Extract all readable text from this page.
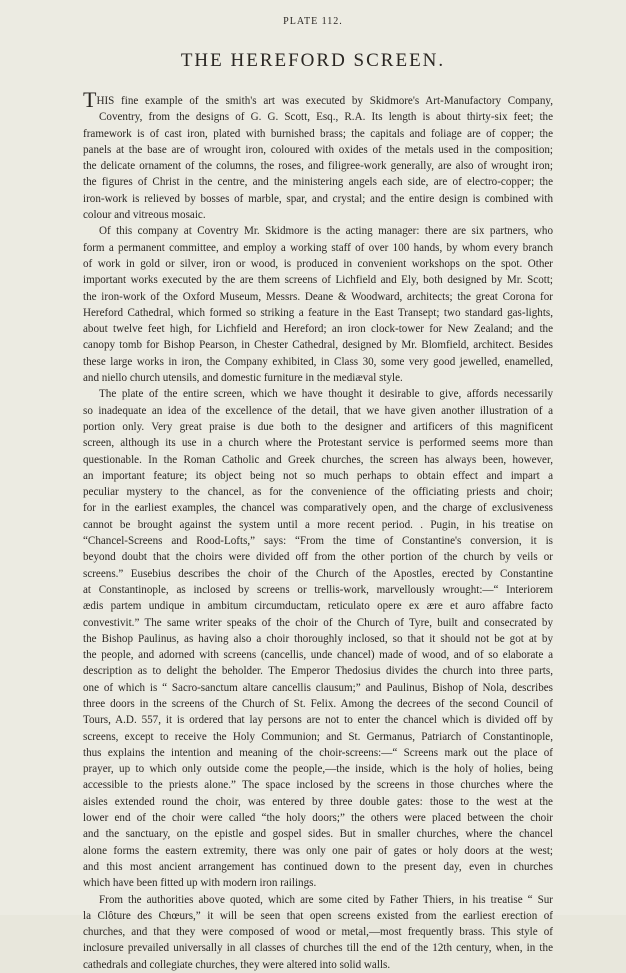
PLATE 112.
THE HEREFORD SCREEN.
THIS fine example of the smith's art was executed by Skidmore's Art-Manufactory Company,
Coventry, from the designs of G. G. Scott, Esq., R.A. Its length is about thirty-six feet; the
framework is of cast iron, plated with burnished brass; the capitals and foliage are of copper; the
panels at the base are of wrought iron, coloured with oxides of the metals used in the composition;
the delicate ornament of the columns, the roses, and filigree-work generally, are also of wrought iron;
the figures of Christ in the centre, and the ministering angels each side, are of electro-copper; the
iron-work is relieved by bosses of marble, spar, and crystal; and the entire design is combined with
colour and vitreous mosaic.
Of this company at Coventry Mr. Skidmore is the acting manager: there are six partners, who
form a permanent committee, and employ a working staff of over 100 hands, by whom every branch
of work in gold or silver, iron or wood, is produced in convenient workshops on the spot. Other
important works executed by the are them screens of Lichfield and Ely, both designed by Mr. Scott;
the iron-work of the Oxford Museum, Messrs. Deane & Woodward, architects; the great Corona for
Hereford Cathedral, which formed so striking a feature in the East Transept; two standard gas-lights,
about twelve feet high, for Lichfield and Hereford; an iron clock-tower for New Zealand; and the
canopy tomb for Bishop Pearson, in Chester Cathedral, designed by Mr. Blomfield, architect. Besides
these large works in iron, the Company exhibited, in Class 30, some very good jewelled, enamelled,
and niello church utensils, and domestic furniture in the mediæval style.
The plate of the entire screen, which we have thought it desirable to give, affords necessarily
so inadequate an idea of the excellence of the detail, that we have given another illustration of a
portion only. Very great praise is due both to the designer and artificers of this magnificent
screen, although its use in a church where the Protestant service is performed seems more than
questionable. In the Roman Catholic and Greek churches, the screen has always been, however,
an important feature; its object being not so much perhaps to obtain effect and impart a
peculiar mystery to the chancel, as for the convenience of the officiating priests and choir;
for in the earliest examples, the chancel was comparatively open, and the charge of exclusiveness
cannot be brought against the system until a more recent period. . Pugin, in his treatise on
“Chancel-Screens and Rood-Lofts,” says: “From the time of Constantine's conversion, it is
beyond doubt that the choirs were divided off from the other portion of the church by veils or
screens.” Eusebius describes the choir of the Church of the Apostles, erected by Constantine
at Constantinople, as inclosed by screens or trellis-work, marvellously wrought:—“ Interiorem
ædis partem undique in ambitum circumductam, reticulato opere ex ære et auro affabre facto
convestivit.” The same writer speaks of the choir of the Church of Tyre, built and consecrated by
the Bishop Paulinus, as having also a choir thoroughly inclosed, so that it should not be got at by
the people, and adorned with screens (cancellis, unde chancel) made of wood, and of so elaborate a
description as to delight the beholder. The Emperor Thedosius divides the church into three parts,
one of which is “ Sacro-sanctum altare cancellis clausum;” and Paulinus, Bishop of Nola, describes
three doors in the screens of the Church of St. Felix. Among the decrees of the second Council of
Tours, A.D. 557, it is ordered that lay persons are not to enter the chancel which is divided off by
screens, except to receive the Holy Communion; and St. Germanus, Patriarch of Constantinople,
thus explains the intention and meaning of the choir-screens:—“ Screens mark out the place of
prayer, up to which only outside come the people,—the inside, which is the holy of holies, being
accessible to the priests alone.” The space inclosed by the screens in those churches where the
aisles extended round the choir, was entered by three double gates: those to the west at the
lower end of the choir were called “the holy doors;” the others were placed between the choir
and the sanctuary, on the epistle and gospel sides. But in smaller churches, where the chancel
alone forms the eastern extremity, there was only one pair of gates or holy doors at the west;
and this most ancient arrangement has continued down to the present day, even in churches
which have been fitted up with modern iron railings.
From the authorities above quoted, which are some cited by Father Thiers, in his treatise “ Sur
la Clôture des Chœurs,” it will be seen that open screens existed from the earliest erection of
churches, and that they were composed of wood or metal,—most frequently brass. This style of
inclosure prevailed universally in all classes of churches till the end of the 12th century, when, in the
cathedrals and collegiate churches, they were altered into solid walls.
